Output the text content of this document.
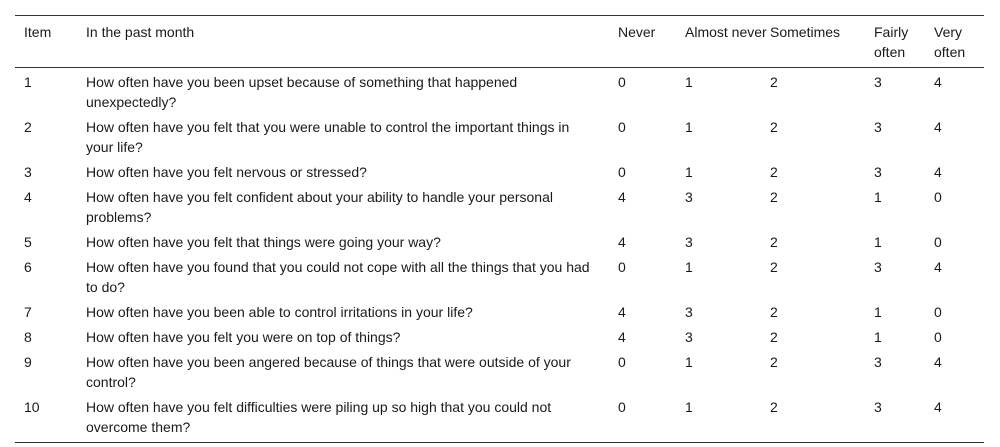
Item	In the past month	Never	Almost never	Sometimes	Fairly often	Very often
1	How often have you been upset because of something that happened unexpectedly?	0	1	2	3	4
2	How often have you felt that you were unable to control the important things in your life?	0	1	2	3	4
3	How often have you felt nervous or stressed?	0	1	2	3	4
4	How often have you felt confident about your ability to handle your personal problems?	4	3	2	1	0
5	How often have you felt that things were going your way?	4	3	2	1	0
6	How often have you found that you could not cope with all the things that you had to do?	0	1	2	3	4
7	How often have you been able to control irritations in your life?	4	3	2	1	0
8	How often have you felt you were on top of things?	4	3	2	1	0
9	How often have you been angered because of things that were outside of your control?	0	1	2	3	4
10	How often have you felt difficulties were piling up so high that you could not overcome them?	0	1	2	3	4
